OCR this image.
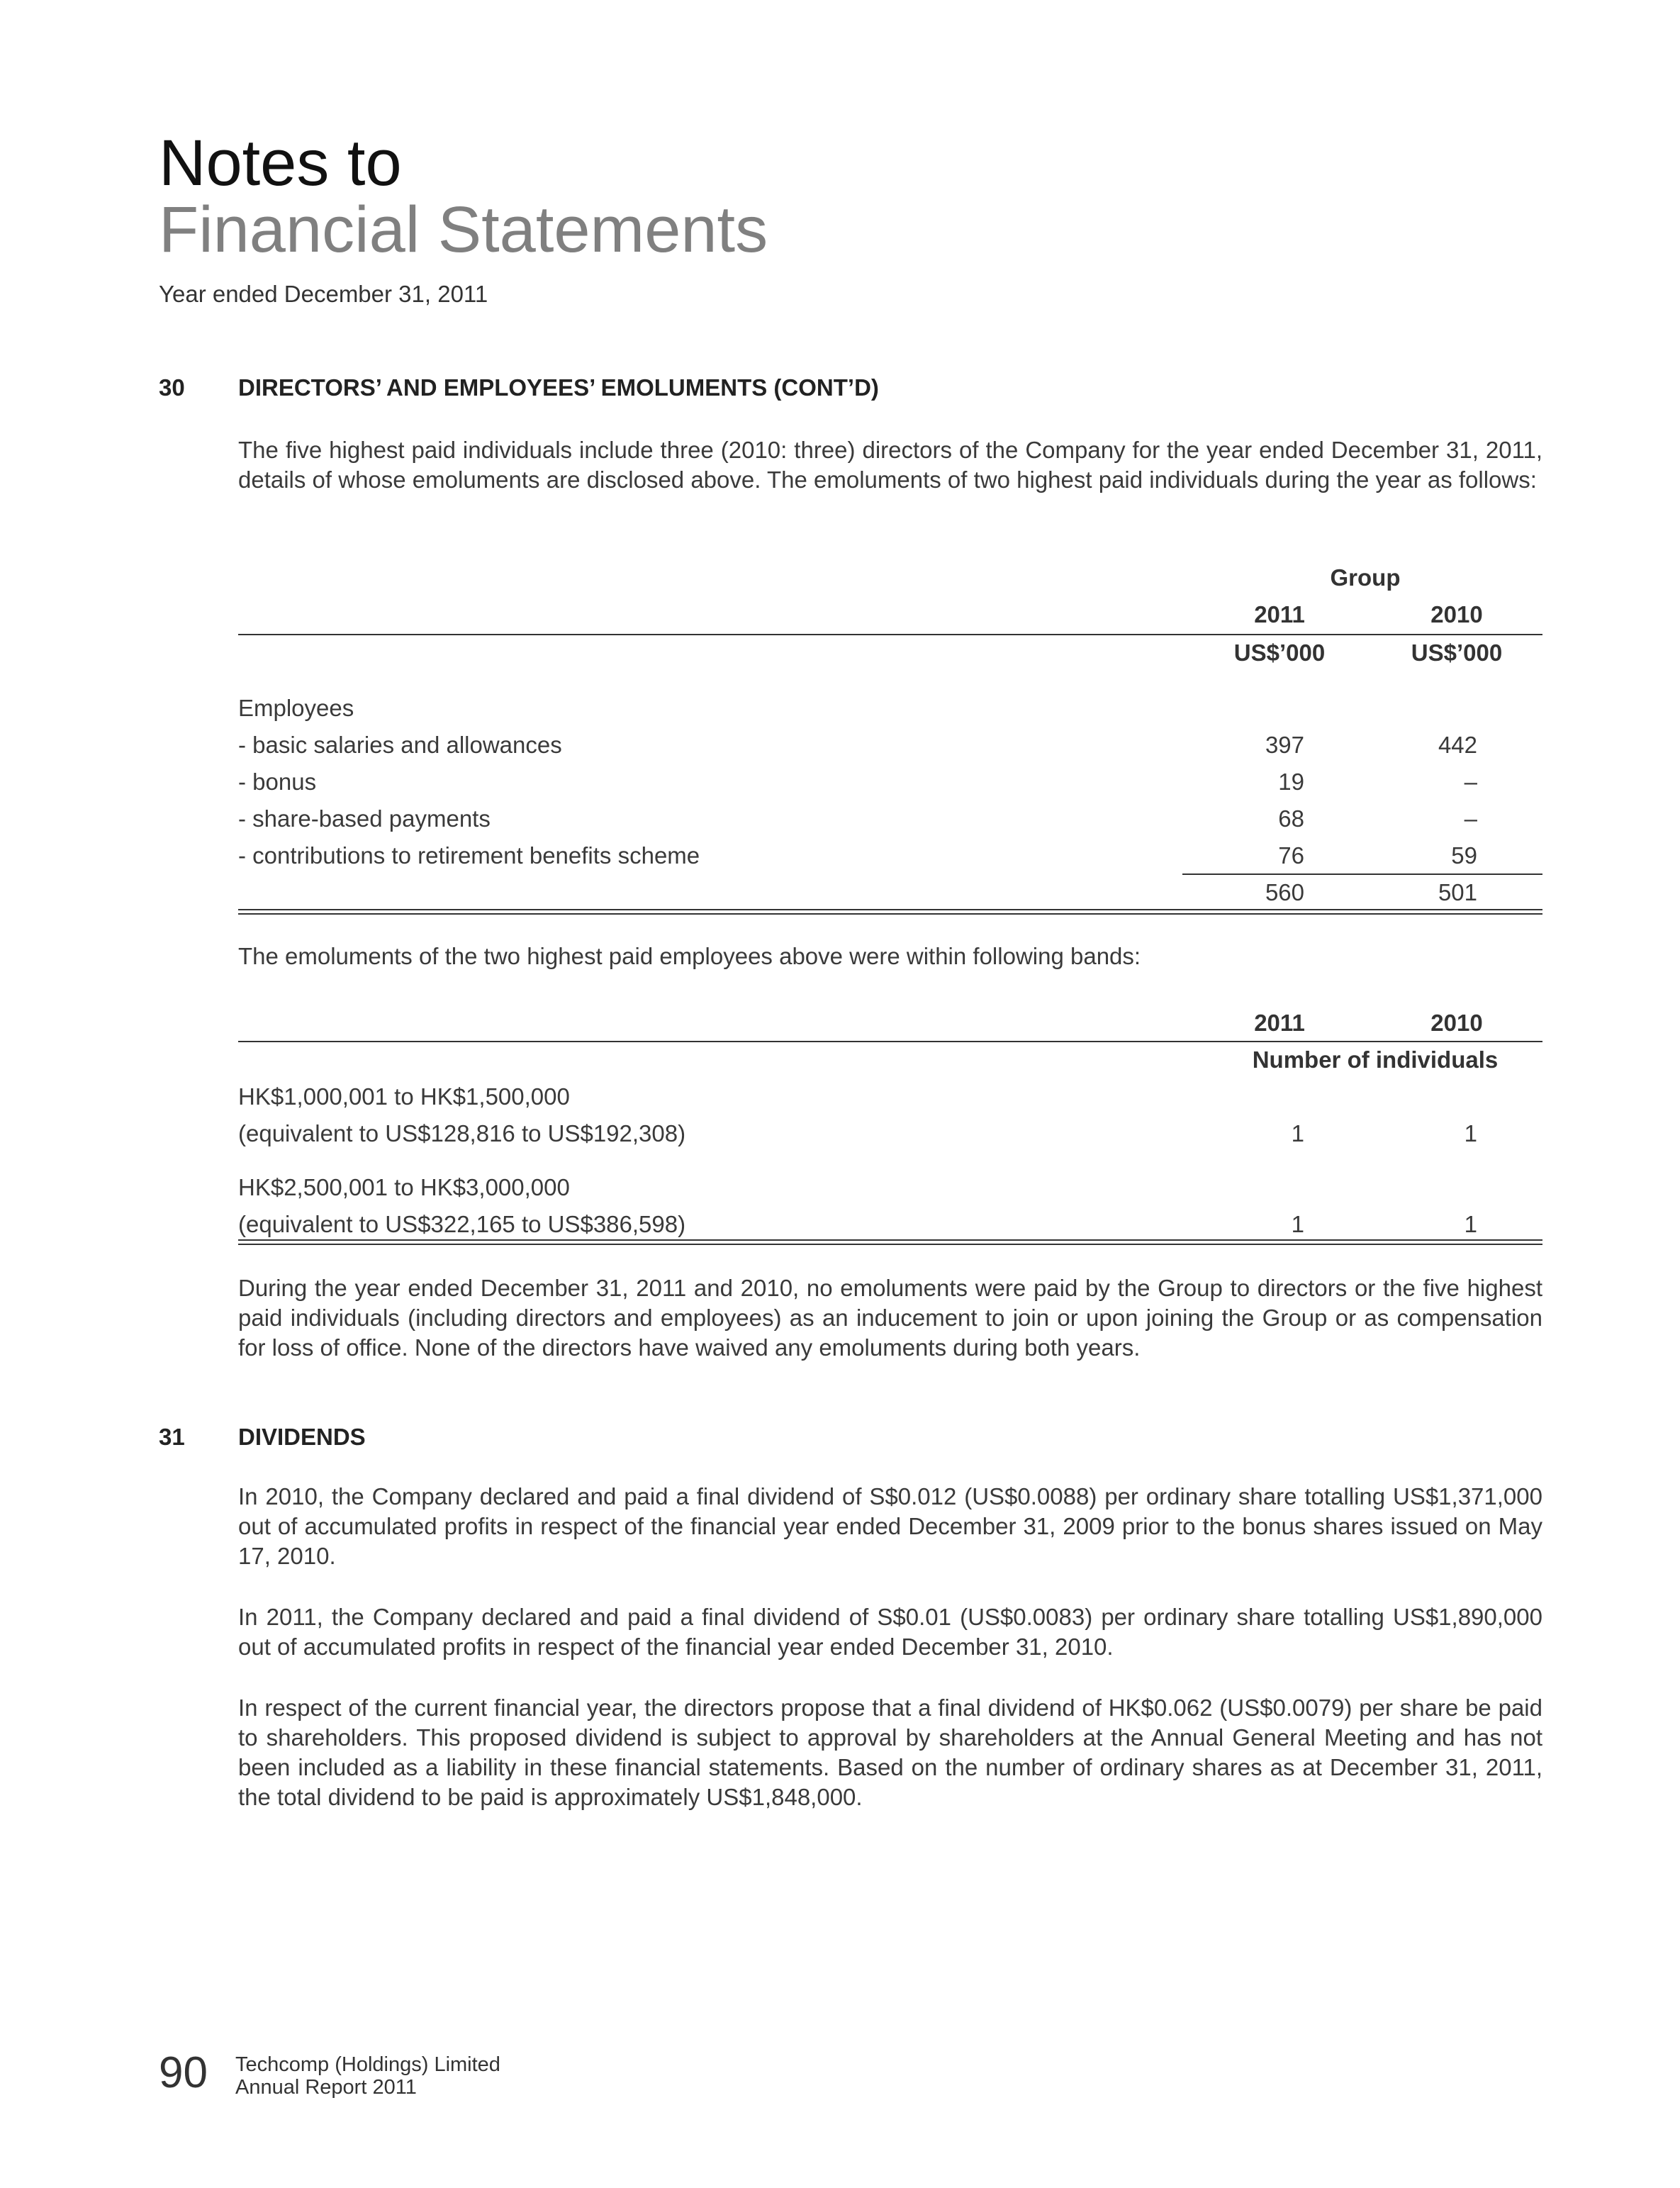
Notes to
Financial Statements
Year ended December 31, 2011
30 DIRECTORS’ AND EMPLOYEES’ EMOLUMENTS (CONT’D)
The five highest paid individuals include three (2010: three) directors of the Company for the year ended December 31, 2011, details of whose emoluments are disclosed above. The emoluments of two highest paid individuals during the year as follows:
Group
2011	2010
US$’000	US$’000
Employees
- basic salaries and allowances	397	442
- bonus	19	–
- share-based payments	68	–
- contributions to retirement benefits scheme	76	59
560	501
The emoluments of the two highest paid employees above were within following bands:
2011	2010
Number of individuals
HK$1,000,001 to HK$1,500,000
(equivalent to US$128,816 to US$192,308)	1	1
HK$2,500,001 to HK$3,000,000
(equivalent to US$322,165 to US$386,598)	1	1
During the year ended December 31, 2011 and 2010, no emoluments were paid by the Group to directors or the five highest paid individuals (including directors and employees) as an inducement to join or upon joining the Group or as compensation for loss of office. None of the directors have waived any emoluments during both years.
31 DIVIDENDS
In 2010, the Company declared and paid a final dividend of S$0.012 (US$0.0088) per ordinary share totalling US$1,371,000 out of accumulated profits in respect of the financial year ended December 31, 2009 prior to the bonus shares issued on May 17, 2010.
In 2011, the Company declared and paid a final dividend of S$0.01 (US$0.0083) per ordinary share totalling US$1,890,000 out of accumulated profits in respect of the financial year ended December 31, 2010.
In respect of the current financial year, the directors propose that a final dividend of HK$0.062 (US$0.0079) per share be paid to shareholders. This proposed dividend is subject to approval by shareholders at the Annual General Meeting and has not been included as a liability in these financial statements. Based on the number of ordinary shares as at December 31, 2011, the total dividend to be paid is approximately US$1,848,000.
90 Techcomp (Holdings) Limited
Annual Report 2011
